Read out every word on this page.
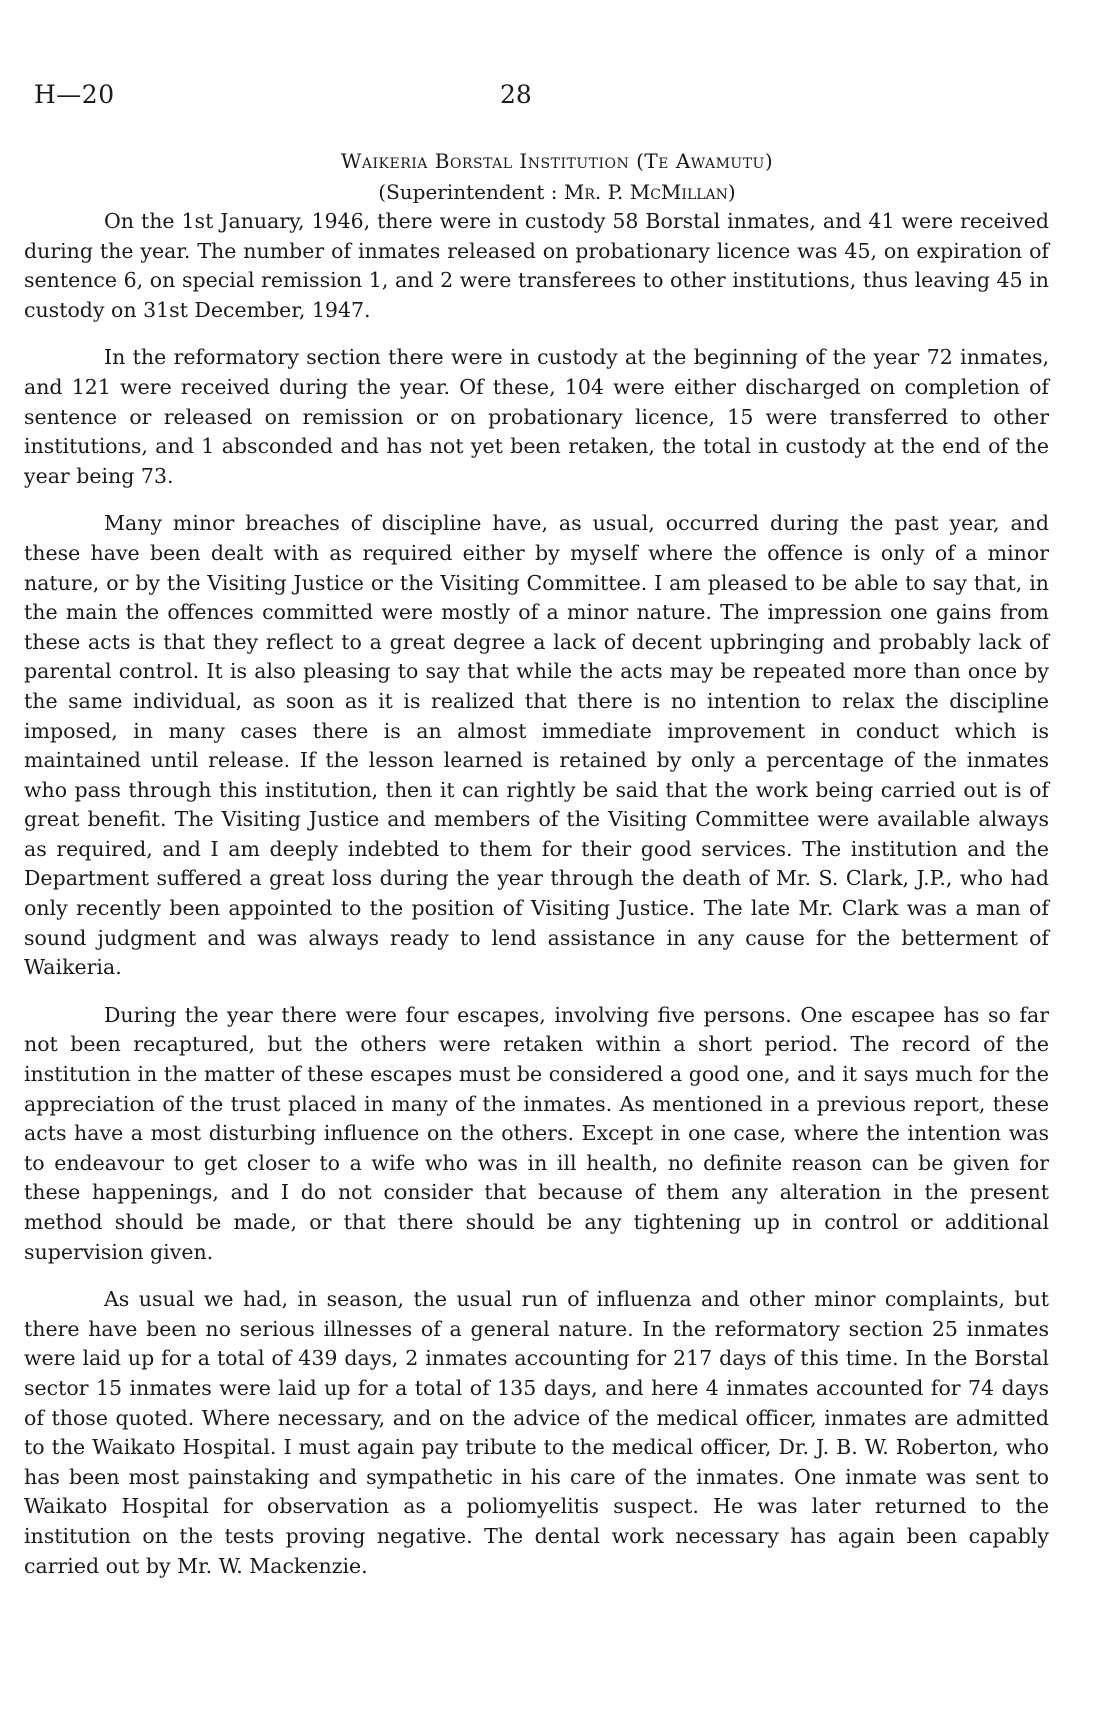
H—20	28
Waikeria Borstal Institution (Te Awamutu)
(Superintendent : Mr. P. McMillan)

On the 1st January, 1946, there were in custody 58 Borstal inmates, and 41 were received during the year. The number of inmates released on probationary licence was 45, on expiration of sentence 6, on special remission 1, and 2 were transferees to other institutions, thus leaving 45 in custody on 31st December, 1947.

In the reformatory section there were in custody at the beginning of the year 72 inmates, and 121 were received during the year. Of these, 104 were either discharged on completion of sentence or released on remission or on probationary licence, 15 were transferred to other institutions, and 1 absconded and has not yet been retaken, the total in custody at the end of the year being 73.

Many minor breaches of discipline have, as usual, occurred during the past year, and these have been dealt with as required either by myself where the offence is only of a minor nature, or by the Visiting Justice or the Visiting Committee. I am pleased to be able to say that, in the main the offences committed were mostly of a minor nature. The impression one gains from these acts is that they reflect to a great degree a lack of decent upbringing and probably lack of parental control. It is also pleasing to say that while the acts may be repeated more than once by the same individual, as soon as it is realized that there is no intention to relax the discipline imposed, in many cases there is an almost immediate improvement in conduct which is maintained until release. If the lesson learned is retained by only a percentage of the inmates who pass through this institution, then it can rightly be said that the work being carried out is of great benefit. The Visiting Justice and members of the Visiting Committee were available always as required, and I am deeply indebted to them for their good services. The institution and the Department suffered a great loss during the year through the death of Mr. S. Clark, J.P., who had only recently been appointed to the position of Visiting Justice. The late Mr. Clark was a man of sound judgment and was always ready to lend assistance in any cause for the betterment of Waikeria.

During the year there were four escapes, involving five persons. One escapee has so far not been recaptured, but the others were retaken within a short period. The record of the institution in the matter of these escapes must be considered a good one, and it says much for the appreciation of the trust placed in many of the inmates. As mentioned in a previous report, these acts have a most disturbing influence on the others. Except in one case, where the intention was to endeavour to get closer to a wife who was in ill health, no definite reason can be given for these happenings, and I do not consider that because of them any alteration in the present method should be made, or that there should be any tightening up in control or additional supervision given.

As usual we had, in season, the usual run of influenza and other minor complaints, but there have been no serious illnesses of a general nature. In the reformatory section 25 inmates were laid up for a total of 439 days, 2 inmates accounting for 217 days of this time. In the Borstal sector 15 inmates were laid up for a total of 135 days, and here 4 inmates accounted for 74 days of those quoted. Where necessary, and on the advice of the medical officer, inmates are admitted to the Waikato Hospital. I must again pay tribute to the medical officer, Dr. J. B. W. Roberton, who has been most painstaking and sympathetic in his care of the inmates. One inmate was sent to Waikato Hospital for observation as a poliomyelitis suspect. He was later returned to the institution on the tests proving negative. The dental work necessary has again been capably carried out by Mr. W. Mackenzie.
